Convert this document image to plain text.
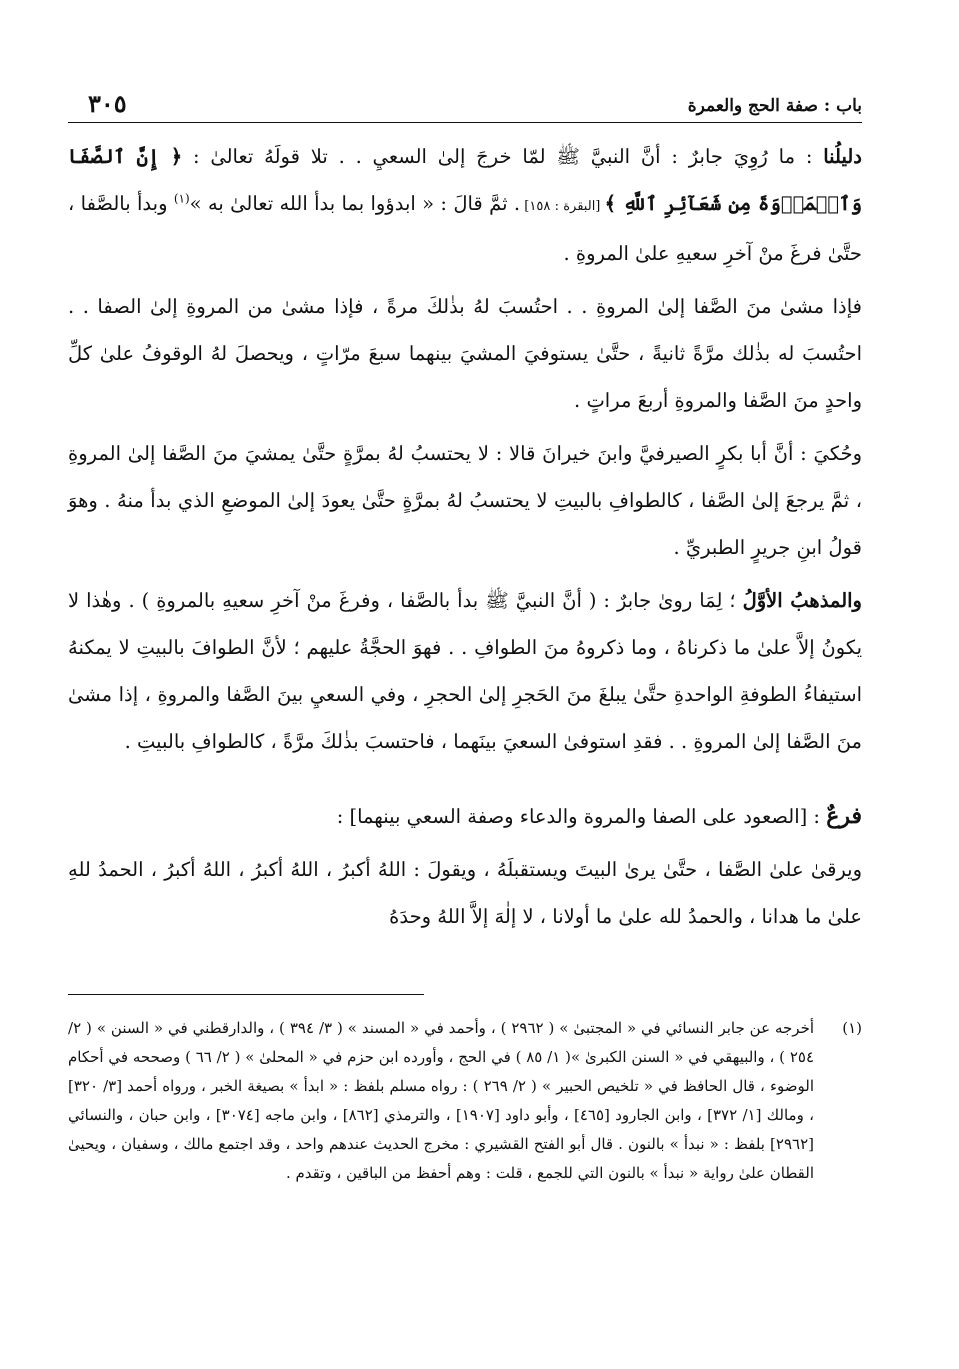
باب : صفة الحج والعمرة
٣٠٥

دليلُنا : ما رُوِيَ جابرٌ : أنَّ النبيَّ ﷺ لمّا خرجَ إلىٰ السعيِ . . تلا قولَهُ تعالىٰ : ﴿ إِنَّ ٱلصَّفَا وَٱلۡمَرۡوَةَ مِن شَعَآئِرِ ٱللَّهِ ﴾ [البقرة : ١٥٨] . ثمَّ قالَ : « ابدؤوا بما بدأ الله تعالىٰ به »$^{(١)}$ وبدأ بالصَّفا ، حتَّىٰ فرغَ منْ آخرِ سعيهِ علىٰ المروةِ .

فإذا مشىٰ منَ الصَّفا إلىٰ المروةِ . . احتُسبَ لهُ بذٰلكَ مرةً ، فإذا مشىٰ من المروةِ إلىٰ الصفا . . احتُسبَ له بذٰلك مرَّةً ثانيةً ، حتَّىٰ يستوفيَ المشيَ بينهما سبعَ مرّاتٍ ، ويحصلَ لهُ الوقوفُ علىٰ كلِّ واحدٍ منَ الصَّفا والمروةِ أربعَ مراتٍ .

وحُكيَ : أنَّ أبا بكرٍ الصيرفيَّ وابنَ خيرانَ قالا : لا يحتسبُ لهُ بمرَّةٍ حتَّىٰ يمشيَ منَ الصَّفا إلىٰ المروةِ ، ثمَّ يرجعَ إلىٰ الصَّفا ، كالطوافِ بالبيتِ لا يحتسبُ لهُ بمرَّةٍ حتَّىٰ يعودَ إلىٰ الموضعِ الذي بدأ منهُ . وهوَ قولُ ابنِ جريرٍ الطبريِّ .

والمذهبُ الأوَّلُ ؛ لِمَا روىٰ جابرٌ : ( أنَّ النبيَّ ﷺ بدأ بالصَّفا ، وفرغَ منْ آخرِ سعيهِ بالمروةِ ) . وهٰذا لا يكونُ إلاَّ علىٰ ما ذكرناهُ ، وما ذكروهُ منَ الطوافِ . . فهوَ الحجَّةُ عليهم ؛ لأنَّ الطوافَ بالبيتِ لا يمكنهُ استيفاءُ الطوفةِ الواحدةِ حتَّىٰ يبلغَ منَ الحَجرِ إلىٰ الحجرِ ، وفي السعيِ بينَ الصَّفا والمروةِ ، إذا مشىٰ منَ الصَّفا إلىٰ المروةِ . . فقدِ استوفىٰ السعيَ بينَهما ، فاحتسبَ بذٰلكَ مرَّةً ، كالطوافِ بالبيتِ .

فرعٌ : [الصعود على الصفا والمروة والدعاء وصفة السعي بينهما] :

ويرقىٰ علىٰ الصَّفا ، حتَّىٰ يرىٰ البيتَ ويستقبلَهُ ، ويقولَ : اللهُ أكبرُ ، اللهُ أكبرُ ، اللهُ أكبرُ ، الحمدُ للهِ علىٰ ما هدانا ، والحمدُ لله علىٰ ما أولانا ، لا إلٰهَ إلاَّ اللهُ وحدَهُ

(١)
أخرجه عن جابر النسائي في « المجتبىٰ » ( ٢٩٦٢ ) ، وأحمد في « المسند » ( ٣/ ٣٩٤ ) ، والدارقطني في « السنن » ( ٢/ ٢٥٤ ) ، والبيهقي في « السنن الكبرىٰ »( ١/ ٨٥ ) في الحج ، وأورده ابن حزم في « المحلىٰ » ( ٢/ ٦٦ ) وصححه في أحكام الوضوء ، قال الحافظ في « تلخيص الحبير » ( ٢/ ٢٦٩ ) : رواه مسلم بلفظ : « ابدأ » بصيغة الخبر ، ورواه أحمد [٣/ ٣٢٠] ، ومالك [١/ ٣٧٢] ، وابن الجارود [٤٦٥] ، وأبو داود [١٩٠٧] ، والترمذي [٨٦٢] ، وابن ماجه [٣٠٧٤] ، وابن حبان ، والنسائي [٢٩٦٢] بلفظ : « نبدأ » بالنون . قال أبو الفتح القشيري : مخرج الحديث عندهم واحد ، وقد اجتمع مالك ، وسفيان ، ويحيىٰ القطان علىٰ رواية « نبدأ » بالنون التي للجمع ، قلت : وهم أحفظ من الباقين ، وتقدم .
